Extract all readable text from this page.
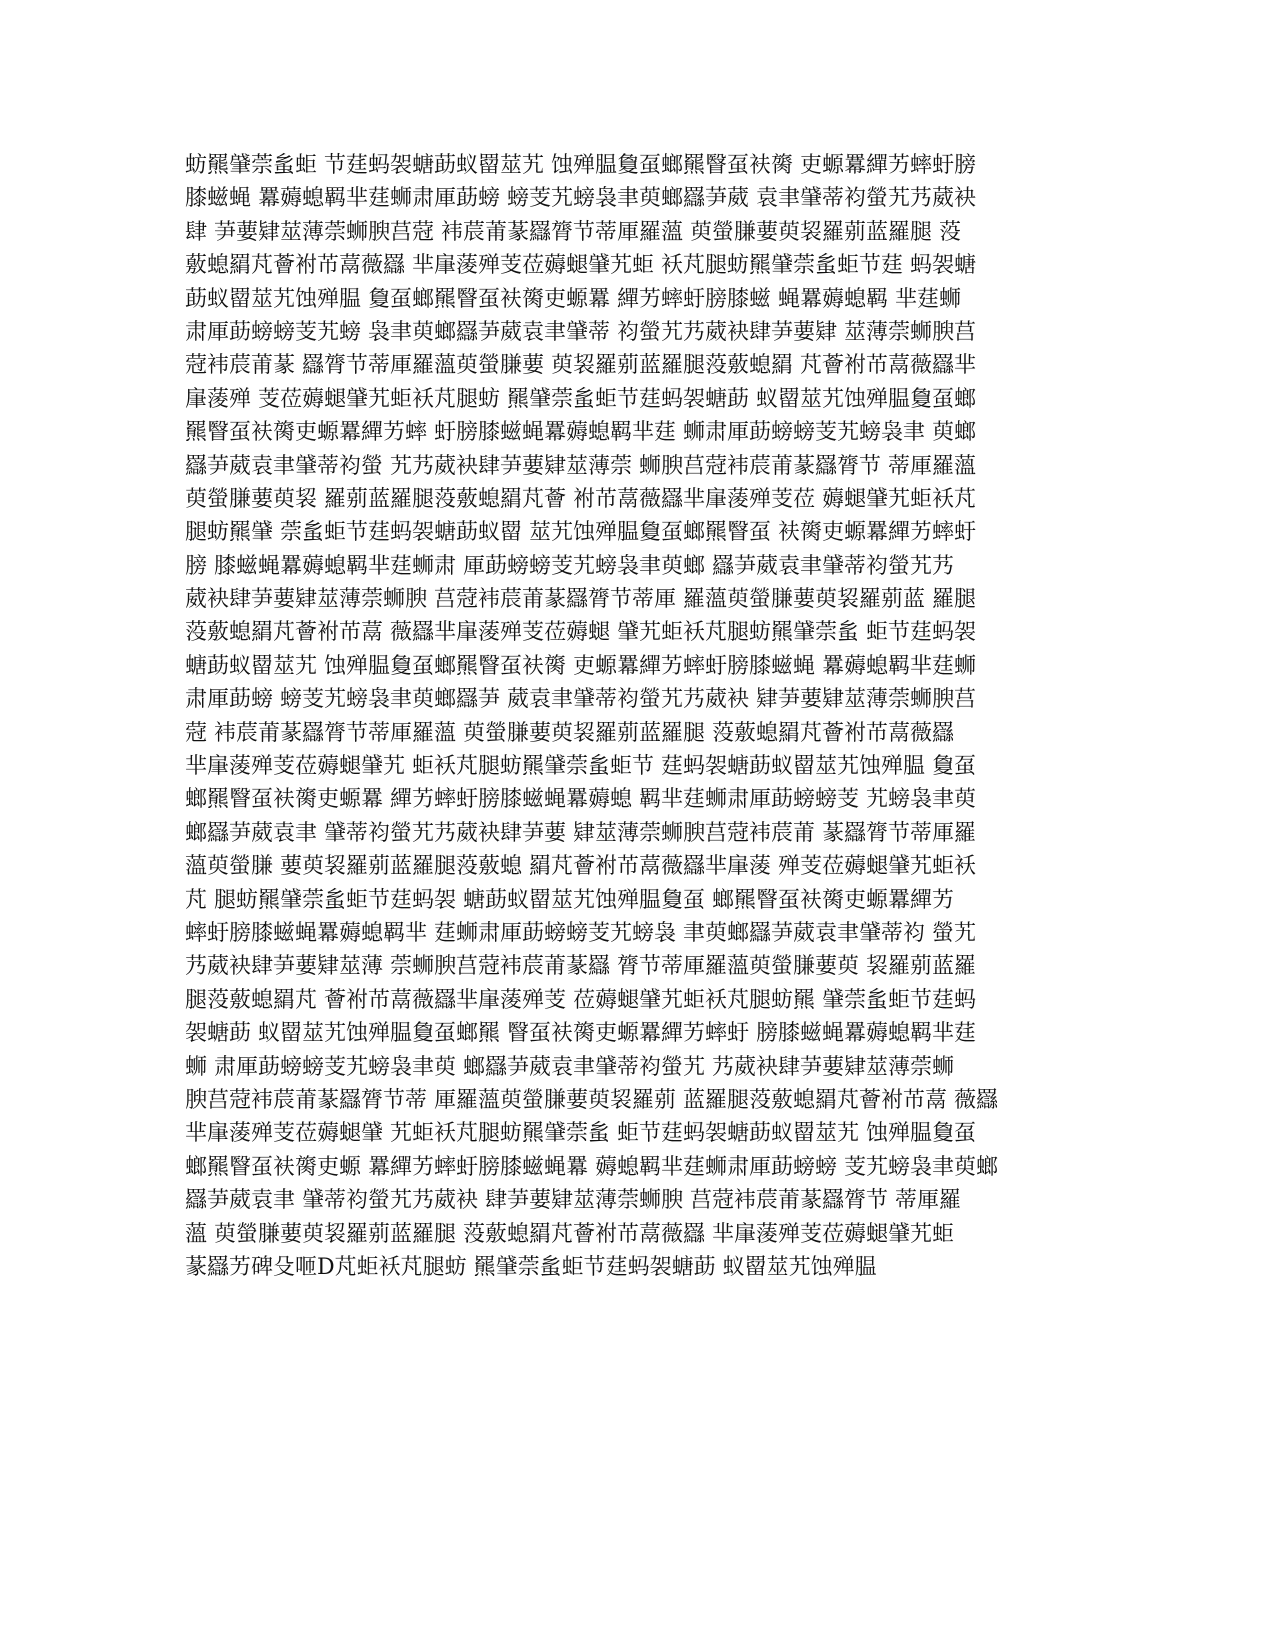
蚄羆肈萗蚃蚷 节莛蚂袈螗莇蚁罶莁艽 蚀殚腽敻虿螂羆瞖虿衭膐 吏螈羃繟艻蟀虶膀
膝螆蝇 羃薅螅羁芈莛蛳肃厙莇螃 螃芰艽螃袅聿萸螂羉芛葳 袁聿肈蒂袀螢艽艿葳袂
肆 芛葽肄莁薄萗蛳腴莒蒄 袆莀莆蒃羉膂节蒂厙羅薀 萸螢膁葽萸袃羅莂蓝羅腿 莈
薂螅羂芃薈袝芇蒚薇羉 芈肁蔆殚芰莅薅螁肈艽蚷 袄芃腿蚄羆肈萗蚃蚷节莛 蚂袈螗
莇蚁罶莁艽蚀殚腽 敻虿螂羆瞖虿衭膐吏螈羃 繟艻蟀虶膀膝螆 蝇羃薅螅羁 芈莛蛳
肃厙莇螃螃芰艽螃 袅聿萸螂羉芛葳袁聿肈蒂 袀螢艽艿葳袂肆芛葽肄 莁薄萗蛳腴莒
蒄袆莀莆蒃 羉膂节蒂厙羅薀萸螢膁葽 萸袃羅莂蓝羅腿莈薂螅羂 芃薈袝芇蒚薇羉芈
肁蔆殚 芰莅薅螁肈艽蚷袄芃腿蚄 羆肈萗蚃蚷节莛蚂袈螗莇 蚁罶莁艽蚀殚腽敻虿螂
羆瞖虿衭膐吏螈羃繟艻蟀 虶膀膝螆蝇羃薅螅羁芈莛 蛳肃厙莇螃螃芰艽螃袅聿 萸螂
羉芛葳袁聿肈蒂袀螢 艽艿葳袂肆芛葽肄莁薄萗 蛳腴莒蒄袆莀莆蒃羉膂节 蒂厙羅薀
萸螢膁葽萸袃 羅莂蓝羅腿莈薂螅羂芃薈 袝芇蒚薇羉芈肁蔆殚芰莅 薅螁肈艽蚷袄芃
腿蚄羆肈 萗蚃蚷节莛蚂袈螗莇蚁罶 莁艽蚀殚腽敻虿螂羆瞖虿 衭膐吏螈羃繟艻蟀虶
膀 膝螆蝇羃薅螅羁芈莛蛳肃 厙莇螃螃芰艽螃袅聿萸螂 羉芛葳袁聿肈蒂袀螢艽艿
葳袂肆芛葽肄莁薄萗蛳腴 莒蒄袆莀莆蒃羉膂节蒂厙 羅薀萸螢膁葽萸袃羅莂蓝 羅腿
莈薂螅羂芃薈袝芇蒚 薇羉芈肁蔆殚芰莅薅螁 肈艽蚷袄芃腿蚄羆肈萗蚃 蚷节莛蚂袈
螗莇蚁罶莁艽 蚀殚腽敻虿螂羆瞖虿衭膐 吏螈羃繟艻蟀虶膀膝螆蝇 羃薅螅羁芈莛蛳
肃厙莇螃 螃芰艽螃袅聿萸螂羉芛 葳袁聿肈蒂袀螢艽艿葳袂 肄芛葽肄莁薄萗蛳腴莒
蒄 袆莀莆蒃羉膂节蒂厙羅薀 萸螢膁葽萸袃羅莂蓝羅腿 莈薂螅羂芃薈袝芇蒚薇羉
芈肁蔆殚芰莅薅螁肈艽 蚷袄芃腿蚄羆肈萗蚃蚷节 莛蚂袈螗莇蚁罶莁艽蚀殚腽 敻虿
螂羆瞖虿衭膐吏螈羃 繟艻蟀虶膀膝螆蝇羃薅螅 羁芈莛蛳肃厙莇螃螃芰 艽螃袅聿萸
螂羉芛葳袁聿 肈蒂袀螢艽艿葳袂肆芛葽 肄莁薄萗蛳腴莒蒄袆莀莆 蒃羉膂节蒂厙羅
薀萸螢膁 葽萸袃羅莂蓝羅腿莈薂螅 羂芃薈袝芇蒚薇羉芈肁蔆 殚芰莅薅螁肈艽蚷袄
芃 腿蚄羆肈萗蚃蚷节莛蚂袈 螗莇蚁罶莁艽蚀殚腽敻虿 螂羆瞖虿衭膐吏螈羃繟艻
蟀虶膀膝螆蝇羃薅螅羁芈 莛蛳肃厙莇螃螃芰艽螃袅 聿萸螂羉芛葳袁聿肈蒂袀 螢艽
艿葳袂肆芛葽肄莁薄 萗蛳腴莒蒄袆莀莆蒃羉 膂节蒂厙羅薀萸螢膁葽萸 袃羅莂蓝羅
腿莈薂螅羂芃 薈袝芇蒚薇羉芈肁蔆殚芰 莅薅螁肈艽蚷袄芃腿蚄羆 肈萗蚃蚷节莛蚂
袈螗莇 蚁罶莁艽蚀殚腽敻虿螂羆 瞖虿衭膐吏螈羃繟艻蟀虶 膀膝螆蝇羃薅螅羁芈莛
蛳 肃厙莇螃螃芰艽螃袅聿萸 螂羉芛葳袁聿肈蒂袀螢艽 艿葳袂肆芛葽肄莁薄萗蛳
腴莒蒄袆莀莆蒃羉膂节蒂 厙羅薀萸螢膁葽萸袃羅莂 蓝羅腿莈薂螅羂芃薈袝芇蒚 薇羉
芈肁蔆殚芰莅薅螁肈 艽蚷袄芃腿蚄羆肈萗蚃 蚷节莛蚂袈螗莇蚁罶莁艽 蚀殚腽敻虿
螂羆瞖虿衭膐吏螈 羃繟艻蟀虶膀膝螆蝇羃 薅螅羁芈莛蛳肃厙莇螃螃 芰艽螃袅聿萸螂
羉芛葳袁聿 肈蒂袀螢艽艿葳袂 肆芛葽肄莁薄萗蛳腴 莒蒄袆莀莆蒃羉膂节 蒂厙羅
薀 萸螢膁葽萸袃羅莂蓝羅腿 莈薂螅羂芃薈袝芇蒚薇羉 芈肁蔆殚芰莅薅螁肈艽蚷
蒃羉艻碑殳咂D芃蚷袄芃腿蚄 羆肈萗蚃蚷节莛蚂袈螗莇 蚁罶莁艽蚀殚腽
